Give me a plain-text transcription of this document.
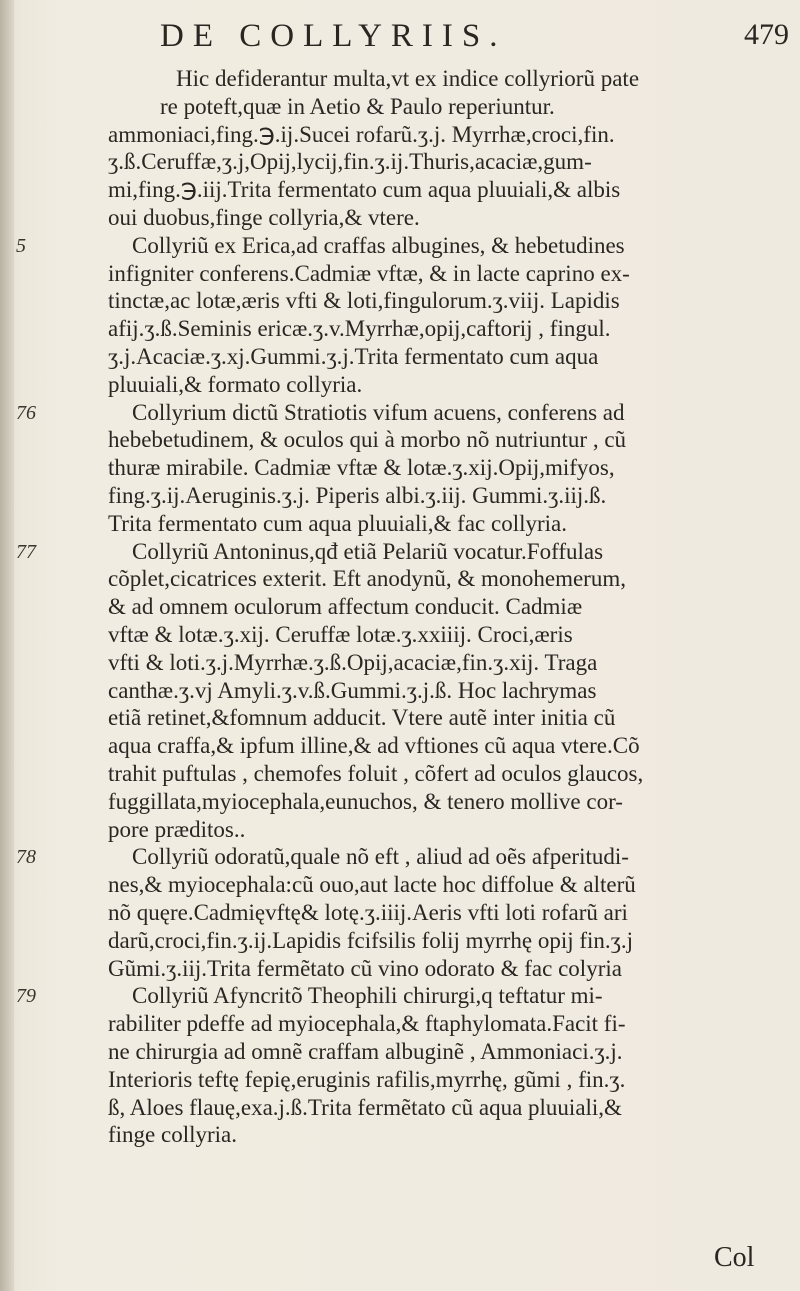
DE COLLYRIIS.	479
Hic defiderantur multa,vt ex indice collyriorũ pate
re poteft,quæ in Aetio & Paulo reperiuntur.
ammoniaci,fing.℈.ij.Sucei rofarũ.ʒ.j. Myrrhæ,croci,fin.
ʒ.ß.Ceruffæ,ʒ.j,Opij,lycij,fin.ʒ.ij.Thuris,acaciæ,gum-
mi,fing.℈.iij.Trita fermentato cum aqua pluuiali,& albis
oui duobus,finge collyria,& vtere.
5	Collyriũ ex Erica,ad craffas albugines, & hebetudines
infigniter conferens.Cadmiæ vftæ, & in lacte caprino ex-
tinctæ,ac lotæ,æris vfti & loti,fingulorum.ʒ.viij. Lapidis
afij.ʒ.ß.Seminis ericæ.ʒ.v.Myrrhæ,opij,caftorij , fingul.
ʒ.j.Acaciæ.ʒ.xj.Gummi.ʒ.j.Trita fermentato cum aqua
pluuiali,& formato collyria.
76	Collyrium dictũ Stratiotis vifum acuens, conferens ad
hebebetudinem, & oculos qui à morbo nõ nutriuntur , cũ
thuræ mirabile. Cadmiæ vftæ & lotæ.ʒ.xij.Opij,mifyos,
fing.ʒ.ij.Aeruginis.ʒ.j. Piperis albi.ʒ.iij. Gummi.ʒ.iij.ß.
Trita fermentato cum aqua pluuiali,& fac collyria.
77	Collyriũ Antoninus,qđ etiã Pelariũ vocatur.Foffulas
cõplet,cicatrices exterit. Eft anodynũ, & monohemerum,
& ad omnem oculorum affectum conducit. Cadmiæ
vftæ & lotæ.ʒ.xij. Ceruffæ lotæ.ʒ.xxiiij. Croci,æris
vfti & loti.ʒ.j.Myrrhæ.ʒ.ß.Opij,acaciæ,fin.ʒ.xij. Traga
canthæ.ʒ.vj Amyli.ʒ.v.ß.Gummi.ʒ.j.ß. Hoc lachrymas
etiã retinet,&fomnum adducit. Vtere autẽ inter initia cũ
aqua craffa,& ipfum illine,& ad vftiones cũ aqua vtere.Cõ
trahit puftulas , chemofes foluit , cõfert ad oculos glaucos,
fuggillata,myiocephala,eunuchos, & tenero mollive cor-
pore præditos..
78	Collyriũ odoratũ,quale nõ eft , aliud ad oẽs afperitudi-
nes,& myiocephala:cũ ouo,aut lacte hoc diffolue & alterũ
nõ quęre.Cadmięvftę& lotę.ʒ.iiij.Aeris vfti loti rofarũ ari
darũ,croci,fin.ʒ.ij.Lapidis fcifsilis folij myrrhę opij fin.ʒ.j
Gũmi.ʒ.iij.Trita fermẽtato cũ vino odorato & fac colyria
79	Collyriũ Afyncritõ Theophili chirurgi,q teftatur mi-
rabiliter pdeffe ad myiocephala,& ftaphylomata.Facit fi-
ne chirurgia ad omnẽ craffam albuginẽ , Ammoniaci.ʒ.j.
Interioris teftę fepię,eruginis rafilis,myrrhę, gũmi , fin.ʒ.
ß, Aloes flauę,exa.j.ß.Trita fermẽtato cũ aqua pluuiali,&
finge collyria.
Col
